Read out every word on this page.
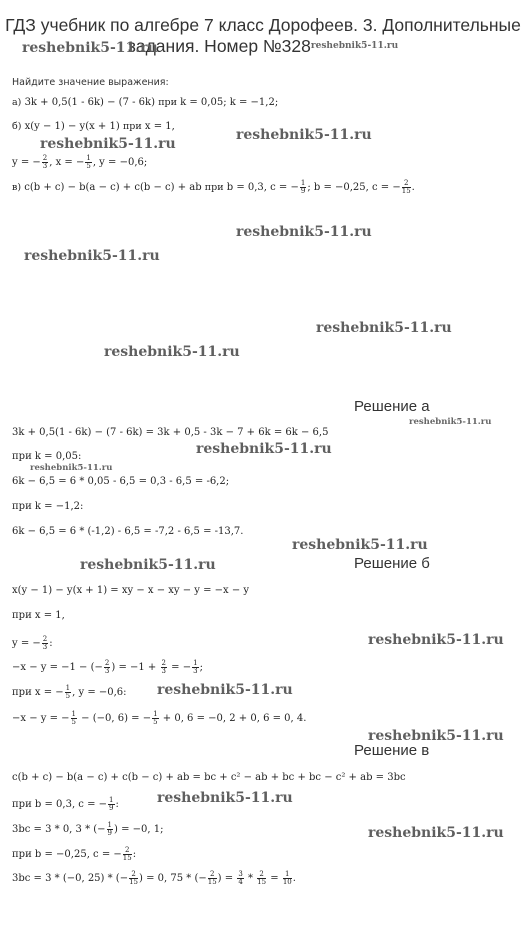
ГДЗ учебник по алгебре 7 класс Дорофеев. 3. Дополнительные
задания. Номер $№328^{reshebnik5-11.ru}$
reshebnik5-11.ru
reshebnik5-11.ru
reshebnik5-11.ru
reshebnik5-11.ru
reshebnik5-11.ru
reshebnik5-11.ru
reshebnik5-11.ru
reshebnik5-11.ru
reshebnik5-11.ru
reshebnik5-11.ru
reshebnik5-11.ru
reshebnik5-11.ru
reshebnik5-11.ru
reshebnik5-11.ru
reshebnik5-11.ru
reshebnik5-11.ru
reshebnik5-11.ru
Найдите значение выражения:
а) 3k + 0,5(1 - 6k) − (7 - 6k) при k = 0,05; k = −1,2;
б) x(y − 1) − y(x + 1) при x = 1,
y = − $\frac{2}{3}$ , x = − $\frac{1}{5}$ , y = −0,6;
в) c(b + c) − b(a − c) + c(b − c) + ab при b = 0,3, c = − $\frac{1}{9}$ ; b = −0,25, c = − $\frac{2}{15}$ .
Решение а
3k + 0,5(1 - 6k) − (7 - 6k) = 3k + 0,5 - 3k − 7 + 6k = 6k − 6,5
при k = 0,05:
6k − 6,5 = 6 * 0,05 - 6,5 = 0,3 - 6,5 = -6,2;
при k = −1,2:
6k − 6,5 = 6 * (-1,2) - 6,5 = -7,2 - 6,5 = -13,7.
Решение б
x(y − 1) − y(x + 1) = xy − x − xy − y = −x − y
при x = 1,
y = − $\frac{2}{3}$ :
−x − y = −1 − (− $\frac{2}{3}$ ) = $-1 + \frac{2}{3}$ = − $\frac{1}{3}$ ;
при x = − $\frac{1}{5}$ , y = −0,6:
−x − y = − $\frac{1}{5} - (-0$, 6) = − $\frac{1}{5} + 0$, 6 = −0, 2 + 0, 6 = 0, 4.
Решение в
c(b + c) − b(a − c) + c(b − c) + ab = bc + c² − ab + bc + bc − c² + ab = 3bc
при b = 0,3, c = − $\frac{1}{9}$ :
3bc = 3 * 0, 3 * (− $\frac{1}{9}$ ) = −0, 1;
при b = −0,25, c = − $\frac{2}{15}$ :
3bc = 3 * (−0, 25) * (− $\frac{2}{15}$ ) = 0, 75 * (− $\frac{2}{15}$ ) = $\frac{3}{4} * \frac{2}{15} = \frac{1}{10}$ .
